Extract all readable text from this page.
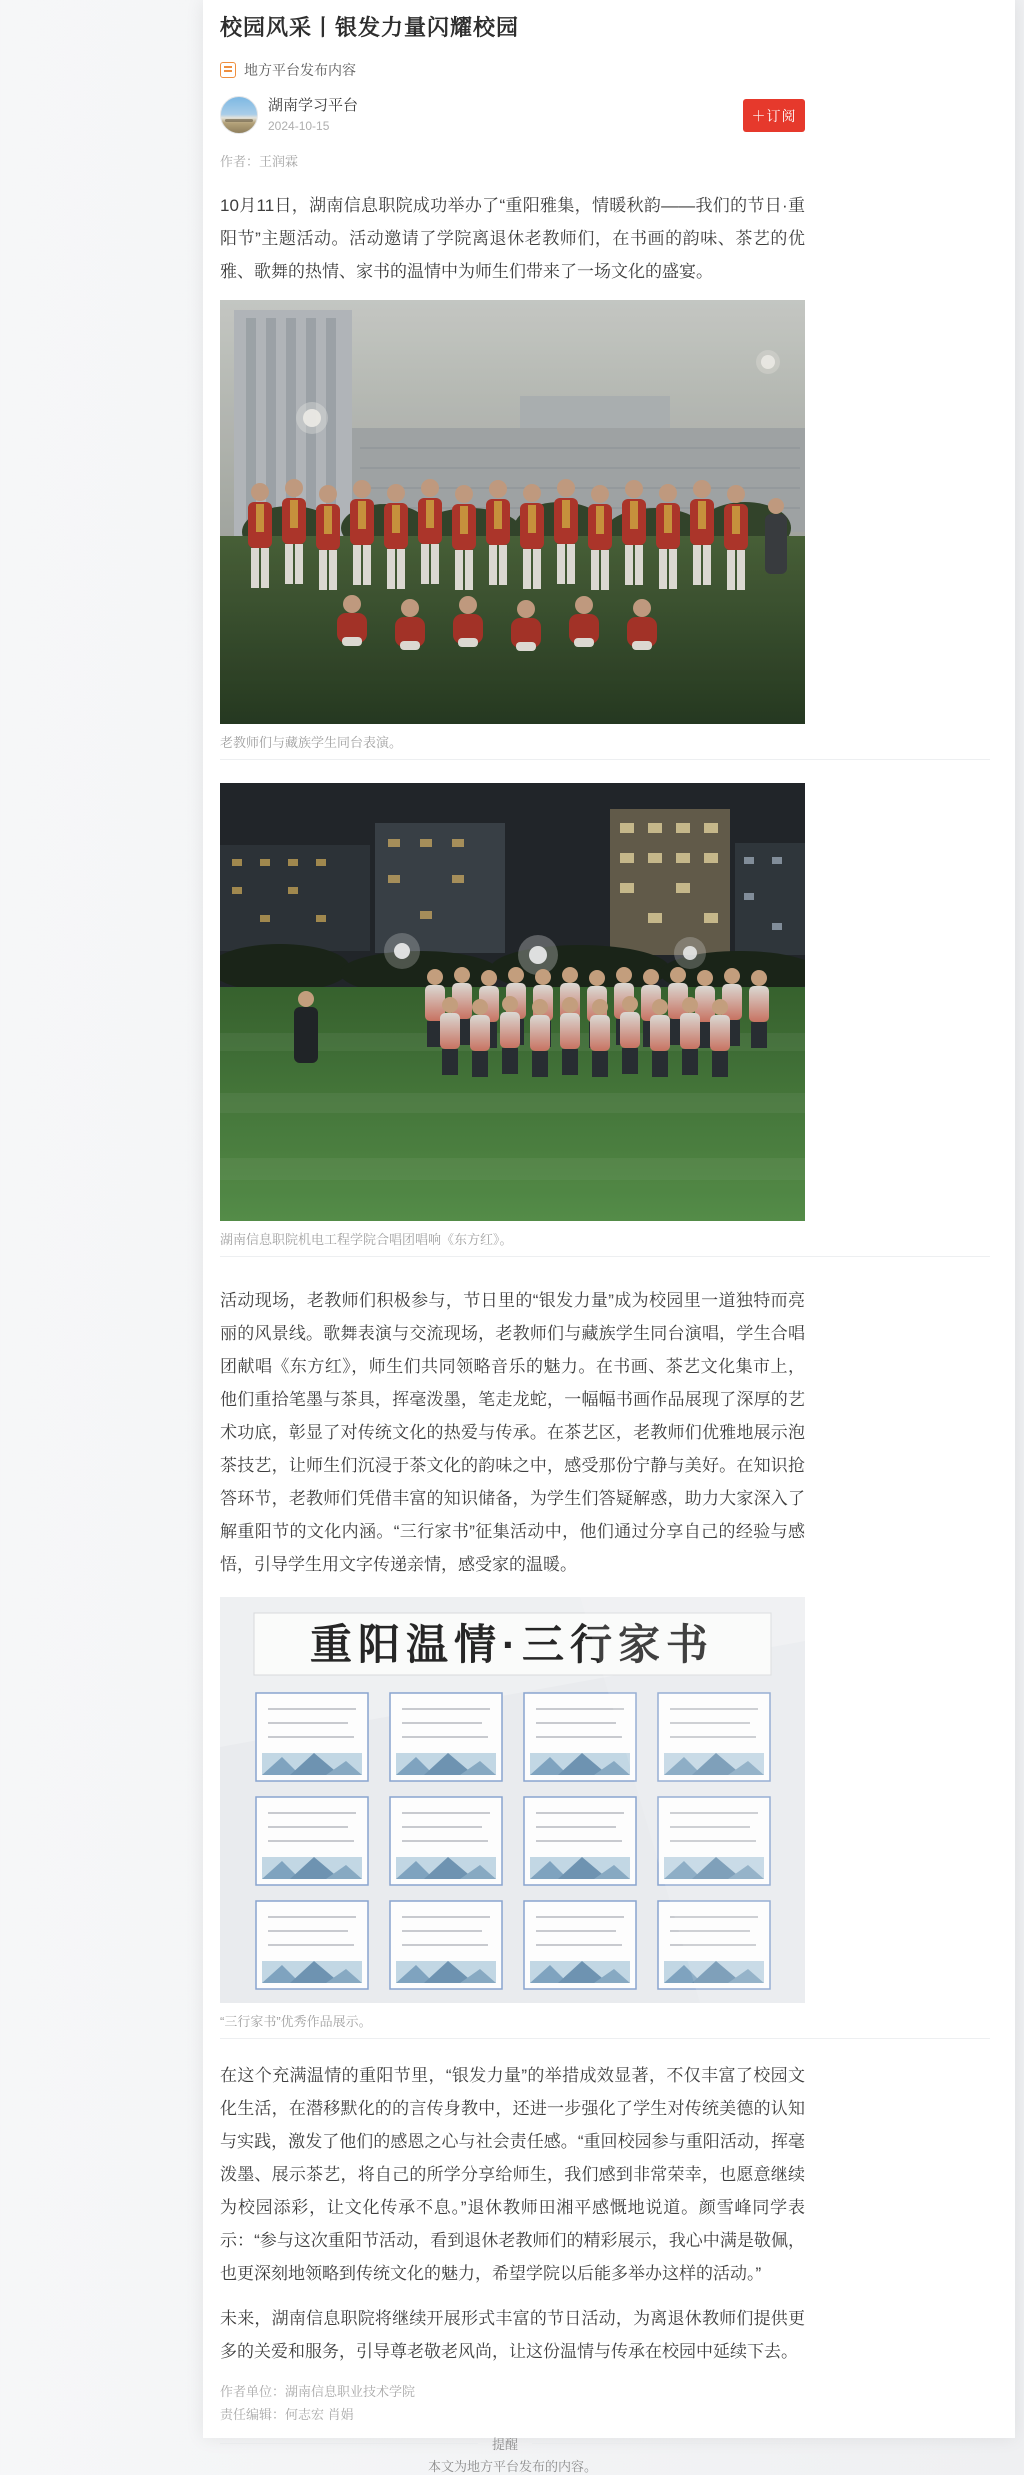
校园风采丨银发力量闪耀校园
地方平台发布内容
湖南学习平台
2024-10-15
＋订阅
作者：王润霖

10月11日，湖南信息职院成功举办了“重阳雅集，情暖秋韵——我们的节日·重阳节”主题活动。活动邀请了学院离退休老教师们，在书画的韵味、茶艺的优雅、歌舞的热情、家书的温情中为师生们带来了一场文化的盛宴。

老教师们与藏族学生同台表演。
湖南信息职院机电工程学院合唱团唱响《东方红》。

活动现场，老教师们积极参与，节日里的“银发力量”成为校园里一道独特而亮丽的风景线。歌舞表演与交流现场，老教师们与藏族学生同台演唱，学生合唱团献唱《东方红》，师生们共同领略音乐的魅力。在书画、茶艺文化集市上，他们重拾笔墨与茶具，挥毫泼墨，笔走龙蛇，一幅幅书画作品展现了深厚的艺术功底，彰显了对传统文化的热爱与传承。在茶艺区，老教师们优雅地展示泡茶技艺，让师生们沉浸于茶文化的韵味之中，感受那份宁静与美好。在知识抢答环节，老教师们凭借丰富的知识储备，为学生们答疑解惑，助力大家深入了解重阳节的文化内涵。“三行家书”征集活动中，他们通过分享自己的经验与感悟，引导学生用文字传递亲情，感受家的温暖。

重阳温情·三行家书
“三行家书”优秀作品展示。

在这个充满温情的重阳节里，“银发力量”的举措成效显著，不仅丰富了校园文化生活，在潜移默化的的言传身教中，还进一步强化了学生对传统美德的认知与实践，激发了他们的感恩之心与社会责任感。“重回校园参与重阳活动，挥毫泼墨、展示茶艺，将自己的所学分享给师生，我们感到非常荣幸，也愿意继续为校园添彩，让文化传承不息。”退休教师田湘平感慨地说道。颜雪峰同学表示：“参与这次重阳节活动，看到退休老教师们的精彩展示，我心中满是敬佩，也更深刻地领略到传统文化的魅力，希望学院以后能多举办这样的活动。”

未来，湖南信息职院将继续开展形式丰富的节日活动，为离退休教师们提供更多的关爱和服务，引导尊老敬老风尚，让这份温情与传承在校园中延续下去。

作者单位：湖南信息职业技术学院
责任编辑：何志宏 肖娟
提醒
本文为地方平台发布的内容。
